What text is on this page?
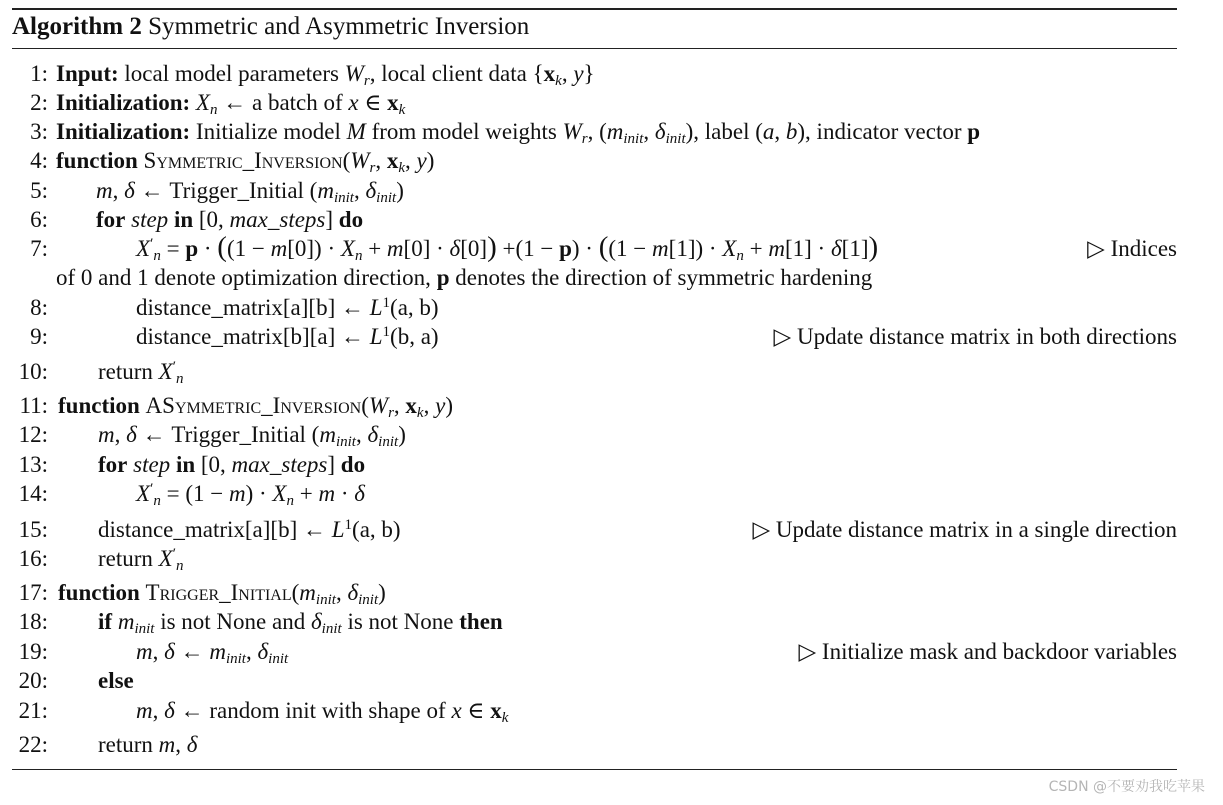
Algorithm 2 Symmetric and Asymmetric Inversion
1: Input: local model parameters $W_r$, local client data {$x_k$, y}
2: Initialization: $X_n$ ← a batch of x ∈ $x_k$
3: Initialization: Initialize model M from model weights $W_r$, ($m_{init}$, $\delta_{init}$), label (a, b), indicator vector p
4: function $Symmetric\_Inversion(W_r$, $x_k$, y)
5: m, δ ← Trigger_Initial ($m_{init}$, $\delta_{init}$)
6: for step in [0, max_steps] do
7:	$X'_n = p \cdot ((1 - m[0]) \cdot X_n + m[0] \cdot \delta[0]) +(1 - p) \cdot ((1 - m[1]) \cdot X_n + m[1] \cdot \delta[1])$	▷ Indices
of 0 and 1 denote optimization direction, p denotes the direction of symmetric hardening
8:	distance_matrix[a][b] ← $L^1(a$, b)
9:	distance_matrix[b][a] ← $L^1(b$, a)	▷ Update distance matrix in both directions
10: return $X'_n$
11: function $ASymmetric\_Inversion(W_r$, $x_k$, y)
12: m, δ ← Trigger_Initial ($m_{init}$, $\delta_{init}$)
13: for step in [0, max_steps] do
14:	$X'_n = (1 - m) \cdot X_n + m \cdot \delta$
15: distance_matrix[a][b] ← $L^1(a$, b)	▷ Update distance matrix in a single direction
16: return $X'_n$
17: function $Trigger\_Initial(m_{init}$, $\delta_{init}$)
18: if $m_{init}$ is not None and $\delta_{init}$ is not None then
19:	m, δ ← $m_{init}$, $\delta_{init}$	▷ Initialize mask and backdoor variables
20: else
21:	m, δ ← random init with shape of x ∈ $x_k$
22: return m, δ
CSDN @不要劝我吃苹果
